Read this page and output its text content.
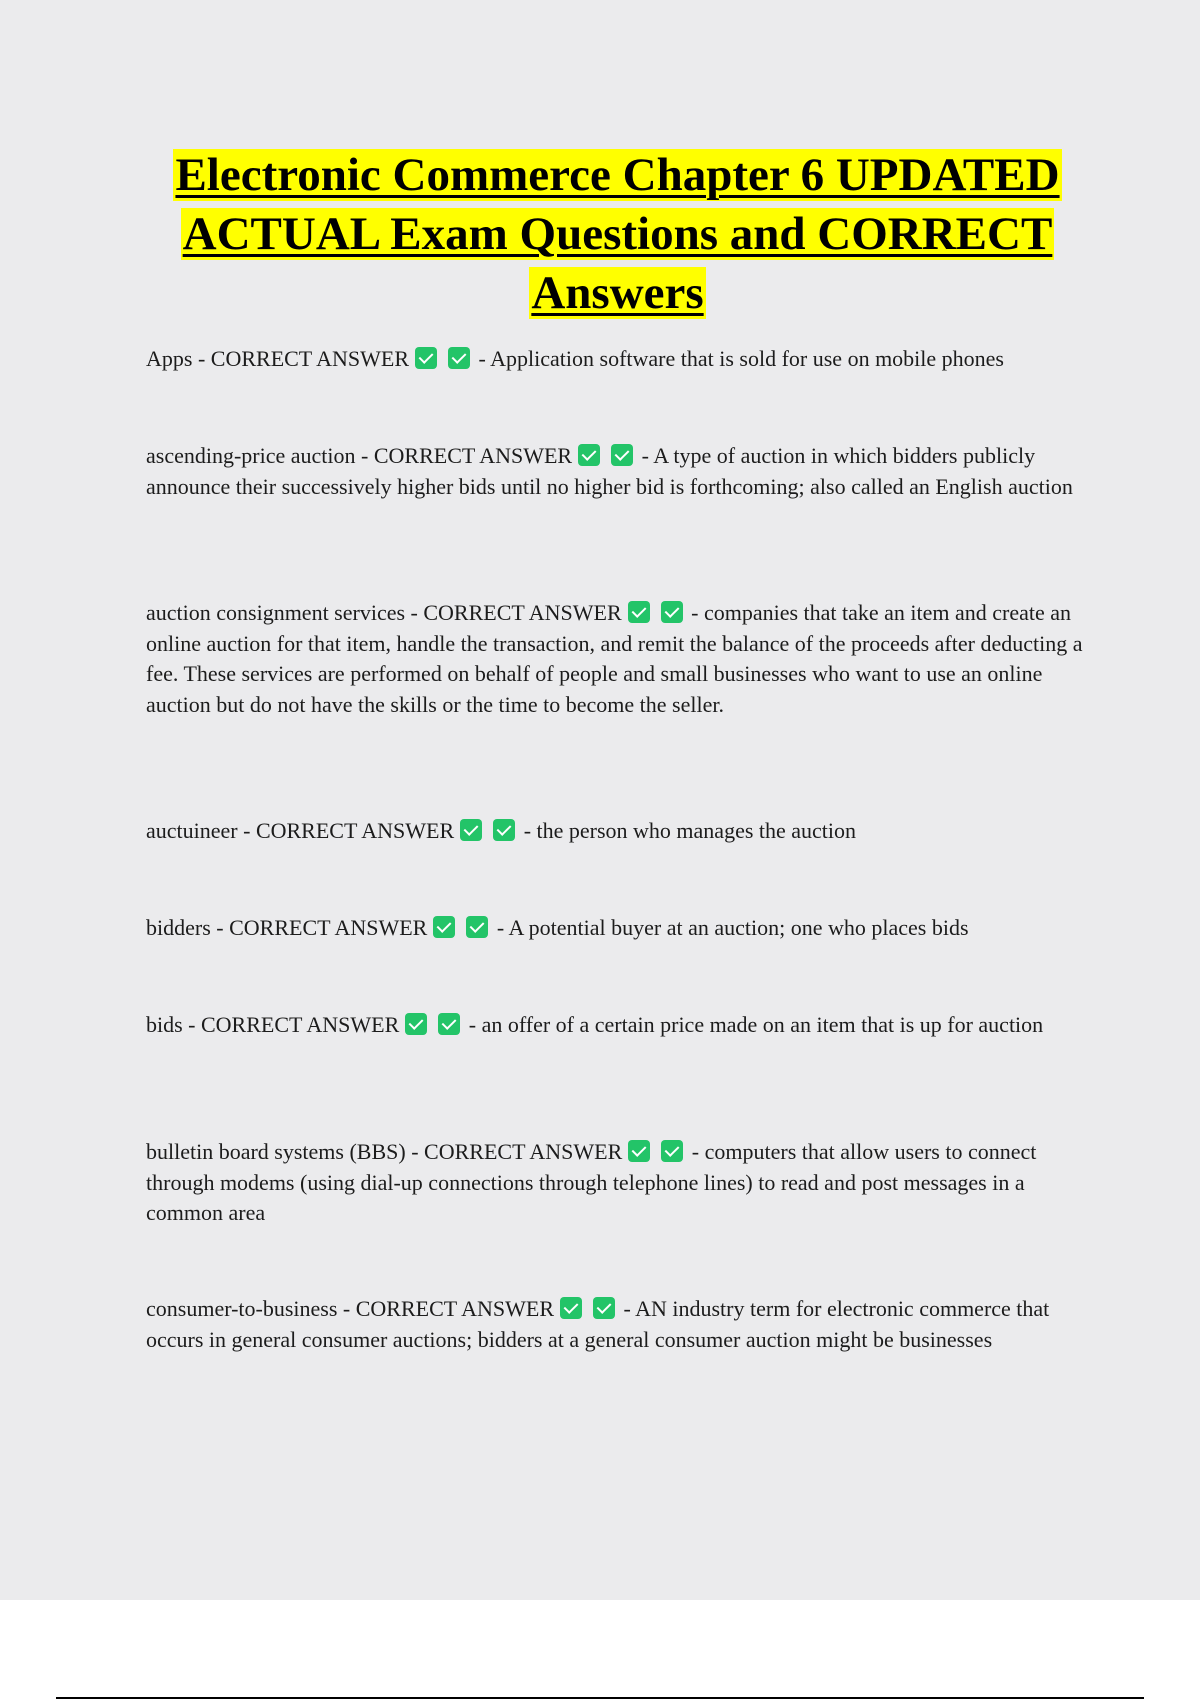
Electronic Commerce Chapter 6 UPDATED
ACTUAL Exam Questions and CORRECT
Answers
Apps - CORRECT ANSWER	- Application software that is sold for use on mobile phones
ascending-price auction - CORRECT ANSWER	- A type of auction in which bidders publicly announce their successively higher bids until no higher bid is forthcoming; also called an English auction
auction consignment services - CORRECT ANSWER	- companies that take an item and create an online auction for that item, handle the transaction, and remit the balance of the proceeds after deducting a fee. These services are performed on behalf of people and small businesses who want to use an online auction but do not have the skills or the time to become the seller.
auctuineer - CORRECT ANSWER	- the person who manages the auction
bidders - CORRECT ANSWER	- A potential buyer at an auction; one who places bids
bids - CORRECT ANSWER	- an offer of a certain price made on an item that is up for auction
bulletin board systems (BBS) - CORRECT ANSWER	- computers that allow users to connect through modems (using dial-up connections through telephone lines) to read and post messages in a common area
consumer-to-business - CORRECT ANSWER	- AN industry term for electronic commerce that occurs in general consumer auctions; bidders at a general consumer auction might be businesses
